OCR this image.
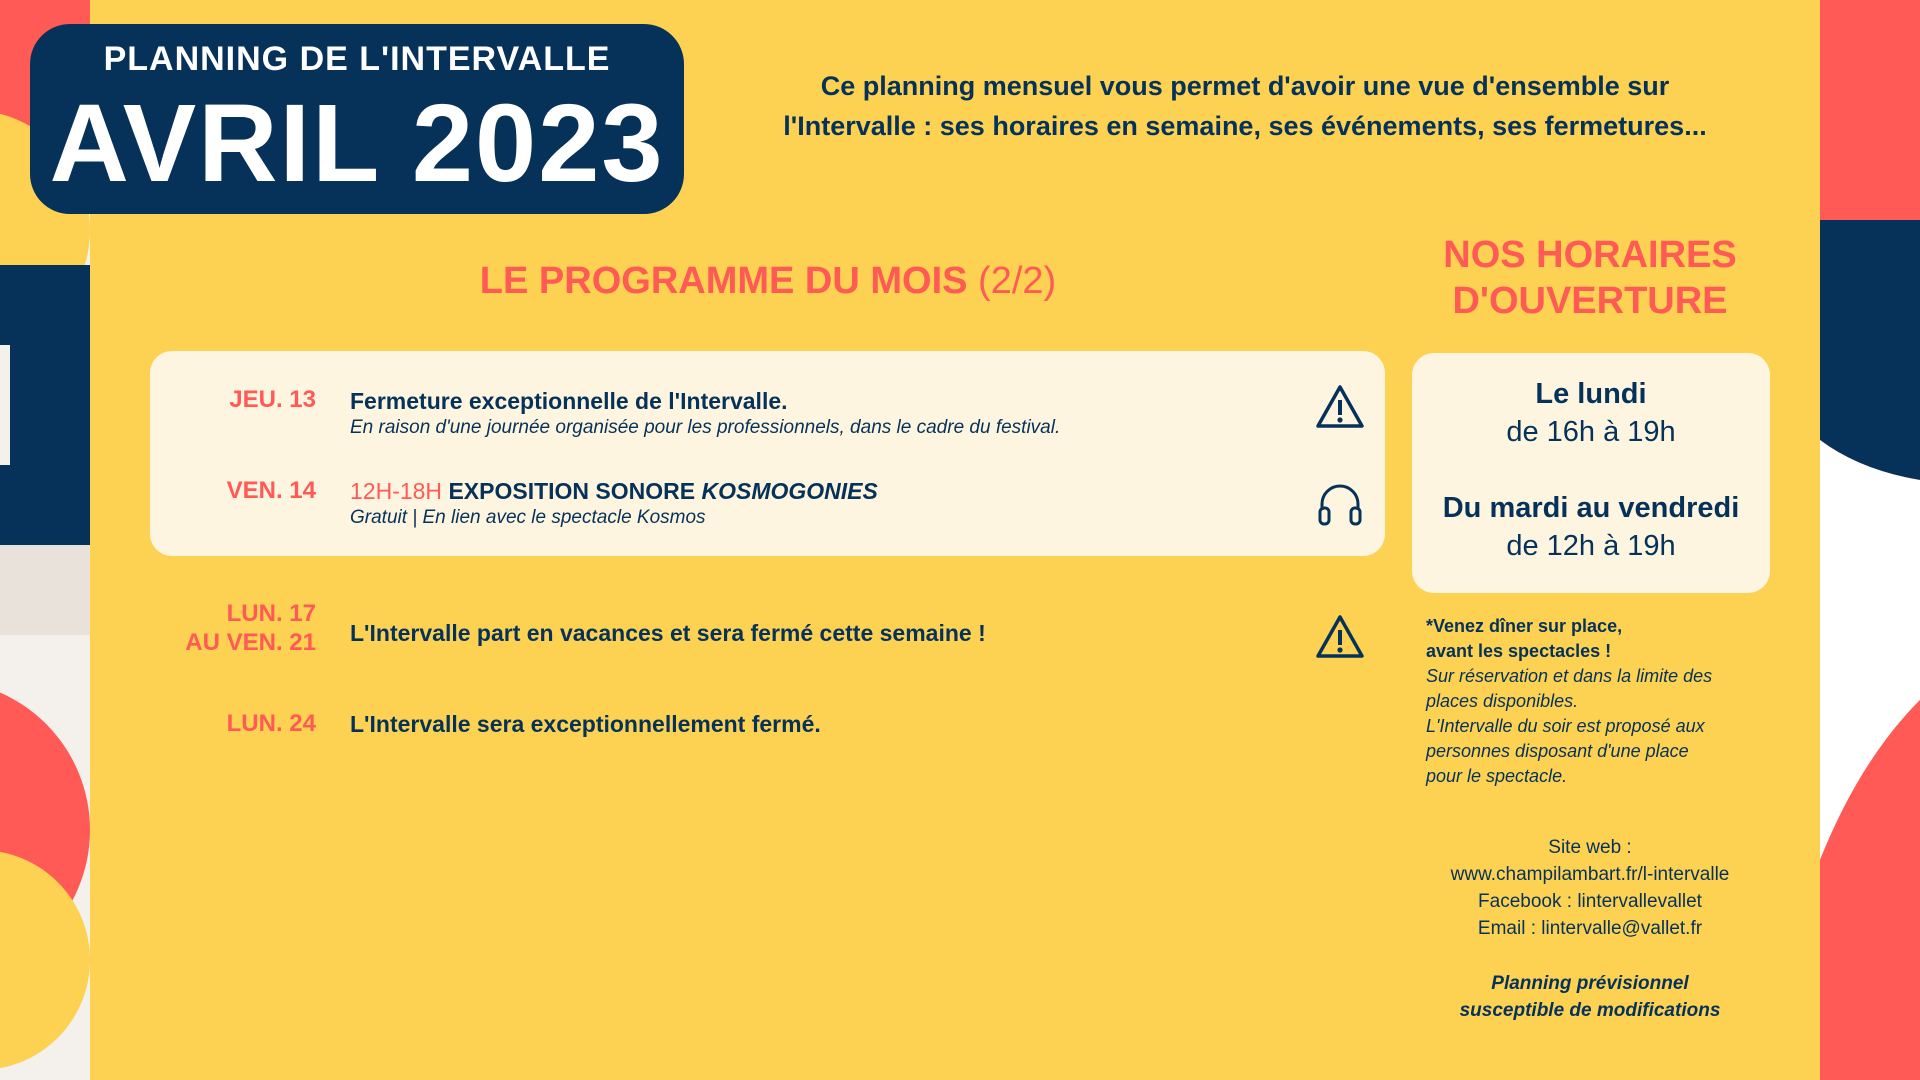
PLANNING DE L'INTERVALLE
AVRIL 2023	Ce planning mensuel vous permet d'avoir une vue d'ensemble sur
l'Intervalle : ses horaires en semaine, ses événements, ses fermetures...
LE PROGRAMME DU MOIS (2/2)
JEU. 13 Fermeture exceptionnelle de l'Intervalle.
En raison d'une journée organisée pour les professionnels, dans le cadre du festival.
VEN. 14 12H-18H EXPOSITION SONORE KOSMOGONIES
Gratuit | En lien avec le spectacle Kosmos
LUN. 17
AU VEN. 21 L'Intervalle part en vacances et sera fermé cette semaine !
LUN. 24 L'Intervalle sera exceptionnellement fermé.
NOS HORAIRES
D'OUVERTURE
Le lundi
de 16h à 19h
Du mardi au vendredi
de 12h à 19h
*Venez dîner sur place,
avant les spectacles !
Sur réservation et dans la limite des
places disponibles.
L'Intervalle du soir est proposé aux
personnes disposant d'une place
pour le spectacle.
Site web :
www.champilambart.fr/l-intervalle
Facebook : lintervallevallet
Email : lintervalle@vallet.fr
Planning prévisionnel
susceptible de modifications
